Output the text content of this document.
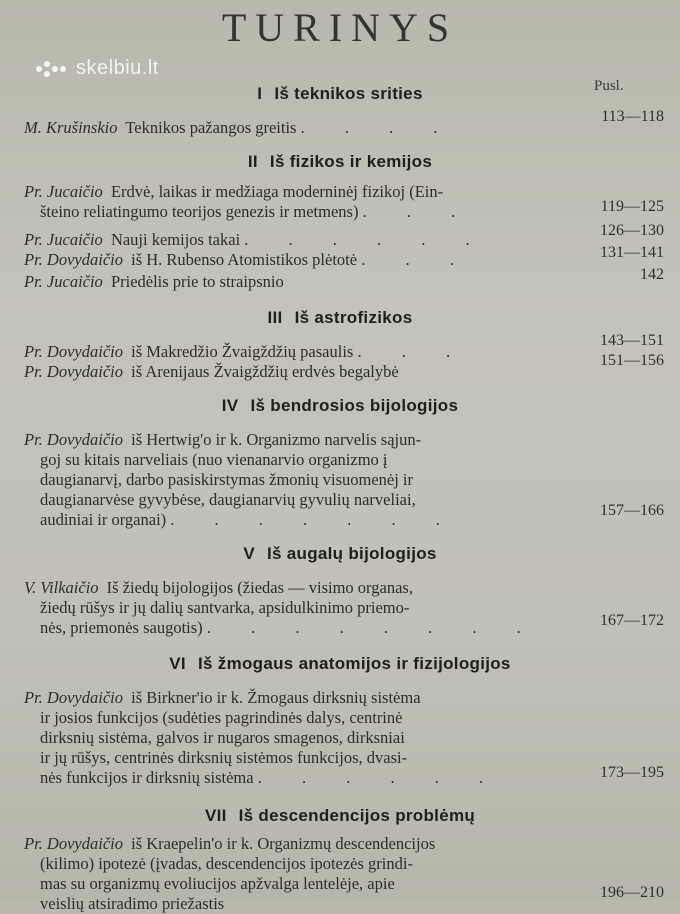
TURINYS
skelbiu.lt
Pusl.
I Iš teknikos srities
M. Krušinskio Teknikos pažangos greitis . . . .
113—118
II Iš fizikos ir kemijos
Pr. Jucaičio Erdvė, laikas ir medžiaga moderninėj fizikoj (Ein-
šteino reliatingumo teorijos genezis ir metmens) . . .	119—125
Pr. Jucaičio Nauji kemijos takai . . . . . .	126—130
Pr. Dovydaičio iš H. Rubenso Atomistikos plėtotė . . .	131—141
Pr. Jucaičio Priedėlis prie to straipsnio	142
III Iš astrofizikos
Pr. Dovydaičio iš Makredžio Žvaigždžių pasaulis . . .
143—151
Pr. Dovydaičio iš Arenijaus Žvaigždžių erdvės begalybė
151—156
IV Iš bendrosios bijologijos
Pr. Dovydaičio iš Hertwig'o ir k. Organizmo narvelis sąjun-
goj su kitais narveliais (nuo vienanarvio organizmo į
daugianarvį, darbo pasiskirstymas žmonių visuomenėj ir
daugianarvėse gyvybėse, daugianarvių gyvulių narveliai,
audiniai ir organai) . . . . . . .	157—166
V Iš augalų bijologijos
V. Vilkaičio Iš žiedų bijologijos (žiedas — visimo organas,
žiedų rūšys ir jų dalių santvarka, apsidulkinimo priemo-
nės, priemonės saugotis) . . . . . . . .	167—172
VI Iš žmogaus anatomijos ir fizijologijos
Pr. Dovydaičio iš Birkner'io ir k. Žmogaus dirksnių sistėma
ir josios funkcijos (sudėties pagrindinės dalys, centrinė
dirksnių sistėma, galvos ir nugaros smagenos, dirksniai
ir jų rūšys, centrinės dirksnių sistėmos funkcijos, dvasi-
nės funkcijos ir dirksnių sistėma . . . . . .	173—195
VII Iš descendencijos problėmų
Pr. Dovydaičio iš Kraepelin'o ir k. Organizmų descendencijos
(kilimo) ipotezė (įvadas, descendencijos ipotezės grindi-
mas su organizmų evoliucijos apžvalga lentelėje, apie
veislių atsiradimo priežastis
196—210
